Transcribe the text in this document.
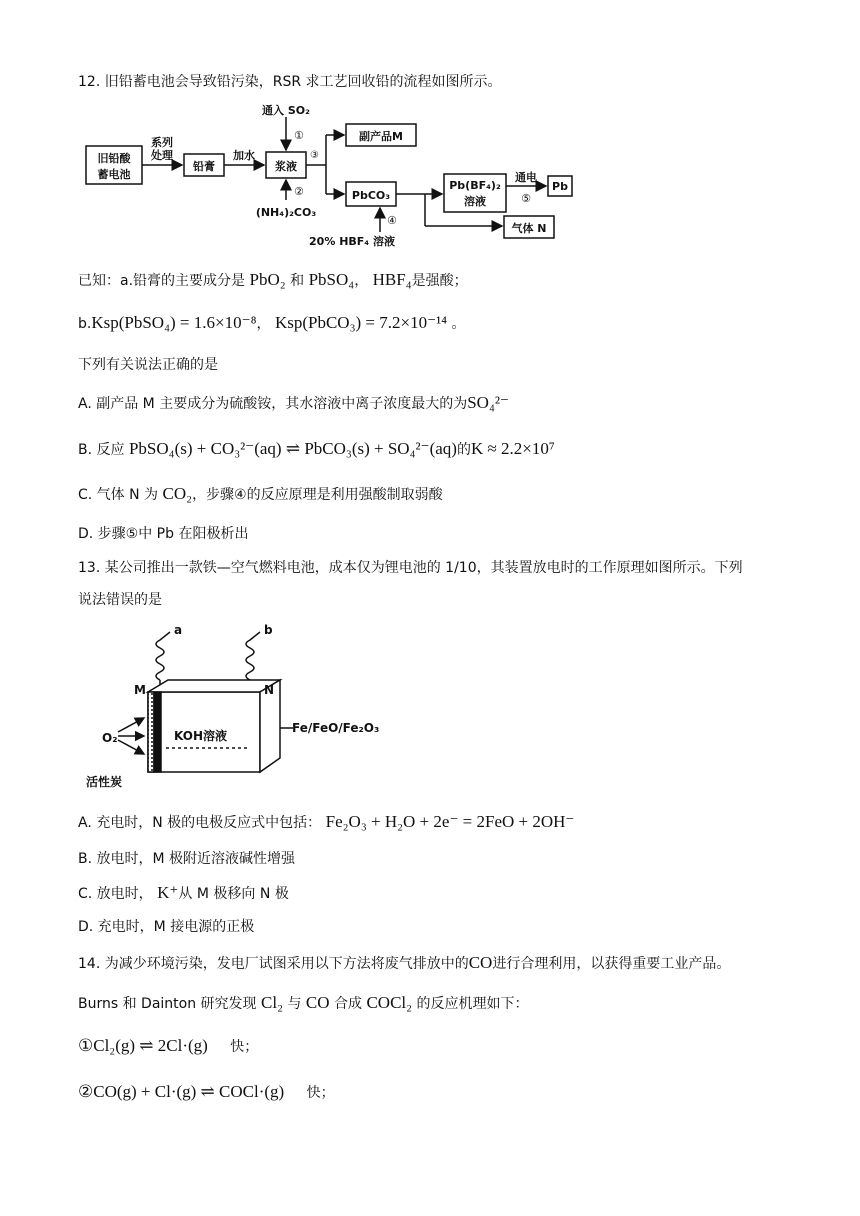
12. 旧铅蓄电池会导致铅污染，RSR 求工艺回收铅的流程如图所示。
旧铅酸
蓄电池
系列
处理
铅膏
加水
浆液
通入 SO₂
①
②
(NH₄)₂CO₃
③
副产品M
PbCO₃
④
20% HBF₄ 溶液
Pb(BF₄)₂
溶液
通电
⑤
Pb
气体 N
已知：a.铅膏的主要成分是 PbO₂ 和 PbSO₄， HBF₄是强酸；
b.Ksp(PbSO₄) = 1.6×10⁻⁸， Ksp(PbCO₃) = 7.2×10⁻¹⁴ 。
下列有关说法正确的是
A. 副产品 M 主要成分为硫酸铵，其水溶液中离子浓度最大的为SO₄²⁻
B. 反应 PbSO₄(s) + CO₃²⁻(aq) ⇌ PbCO₃(s) + SO₄²⁻(aq)的K ≈ 2.2×10⁷
C. 气体 N 为 CO₂，步骤④的反应原理是利用强酸制取弱酸
D. 步骤⑤中 Pb 在阳极析出
13. 某公司推出一款铁—空气燃料电池，成本仅为锂电池的 1/10，其装置放电时的工作原理如图所示。下列
说法错误的是
a	b
M	N
O₂	KOH溶液
Fe/FeO/Fe₂O₃
活性炭
A. 充电时，N 极的电极反应式中包括： Fe₂O₃ + H₂O + 2e⁻ = 2FeO + 2OH⁻
B. 放电时，M 极附近溶液碱性增强
C. 放电时， K⁺从 M 极移向 N 极
D. 充电时，M 接电源的正极
14. 为减少环境污染，发电厂试图采用以下方法将废气排放中的CO进行合理利用，以获得重要工业产品。
Burns 和 Dainton 研究发现 Cl₂ 与 CO 合成 COCl₂ 的反应机理如下：
①Cl₂(g) ⇌ 2Cl·(g) 快；
②CO(g) + Cl·(g) ⇌ COCl·(g) 快；
